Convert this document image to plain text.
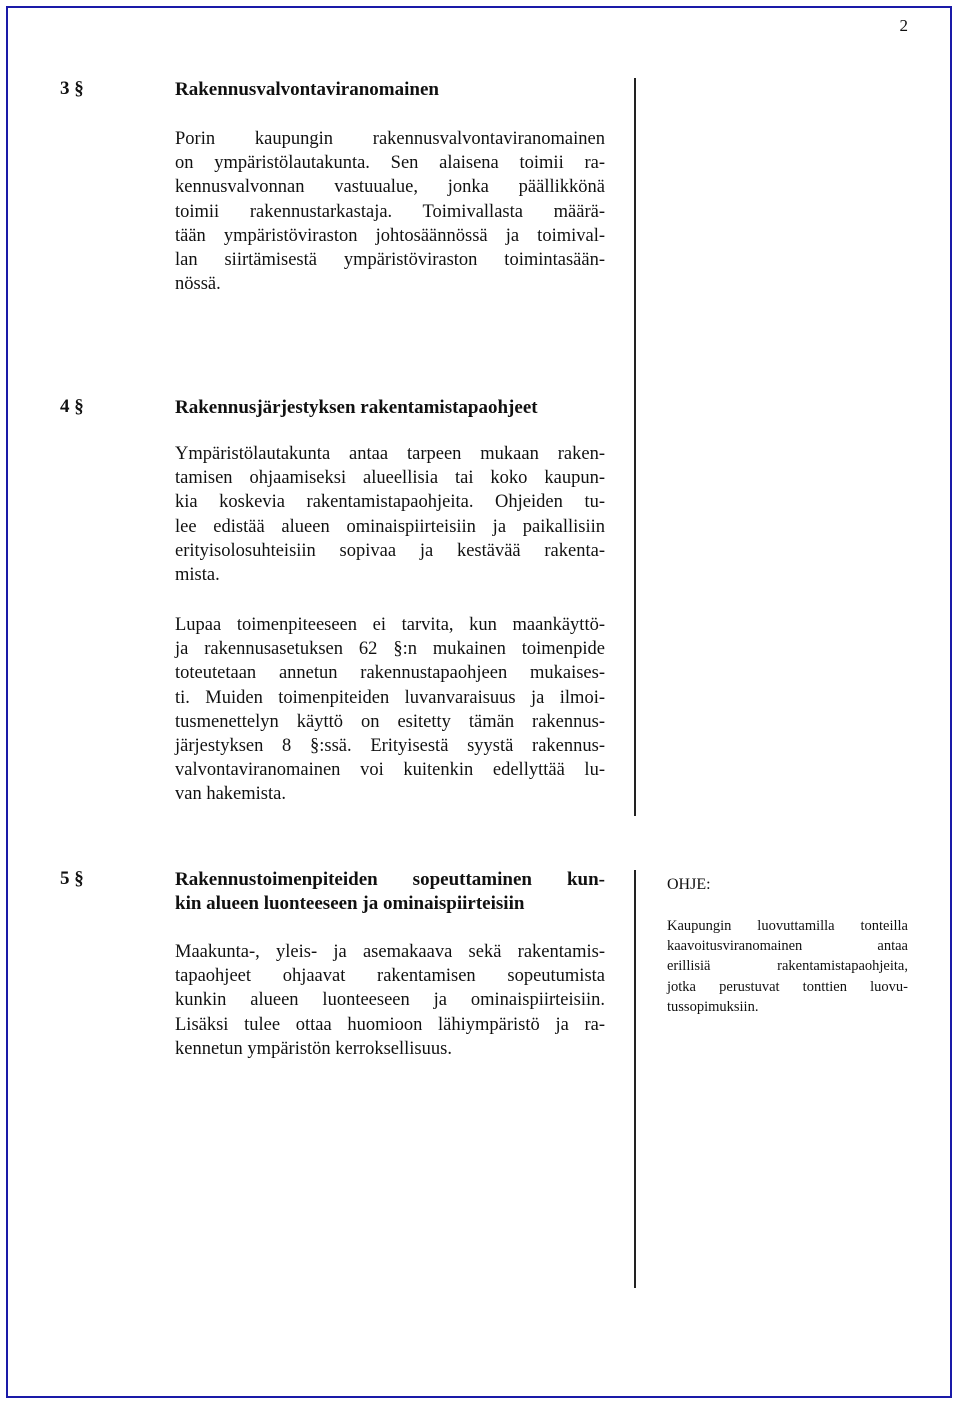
2
3 §	Rakennusvalvontaviranomainen
Porin kaupungin rakennusvalvontaviranomainen
on ympäristölautakunta. Sen alaisena toimii ra-
kennusvalvonnan vastuualue, jonka päällikkönä
toimii rakennustarkastaja. Toimivallasta määrä-
tään ympäristöviraston johtosäännössä ja toimival-
lan siirtämisestä ympäristöviraston toimintasään-
nössä.
4 §	Rakennusjärjestyksen rakentamistapaohjeet
Ympäristölautakunta antaa tarpeen mukaan raken-
tamisen ohjaamiseksi alueellisia tai koko kaupun-
kia koskevia rakentamistapaohjeita. Ohjeiden tu-
lee edistää alueen ominaispiirteisiin ja paikallisiin
erityisolosuhteisiin sopivaa ja kestävää rakenta-
mista.
Lupaa toimenpiteeseen ei tarvita, kun maankäyttö-
ja rakennusasetuksen 62 §:n mukainen toimenpide
toteutetaan annetun rakennustapaohjeen mukaises-
ti. Muiden toimenpiteiden luvanvaraisuus ja ilmoi-
tusmenettelyn käyttö on esitetty tämän rakennus-
järjestyksen 8 §:ssä. Erityisestä syystä rakennus-
valvontaviranomainen voi kuitenkin edellyttää lu-
van hakemista.
5 §	Rakennustoimenpiteiden sopeuttaminen kun-
kin alueen luonteeseen ja ominaispiirteisiin
Maakunta-, yleis- ja asemakaava sekä rakentamis-
tapaohjeet ohjaavat rakentamisen sopeutumista
kunkin alueen luonteeseen ja ominaispiirteisiin.
Lisäksi tulee ottaa huomioon lähiympäristö ja ra-
kennetun ympäristön kerroksellisuus.
OHJE:
Kaupungin luovuttamilla tonteilla
kaavoitusviranomainen antaa
erillisiä rakentamistapaohjeita,
jotka perustuvat tonttien luovu-
tussopimuksiin.
